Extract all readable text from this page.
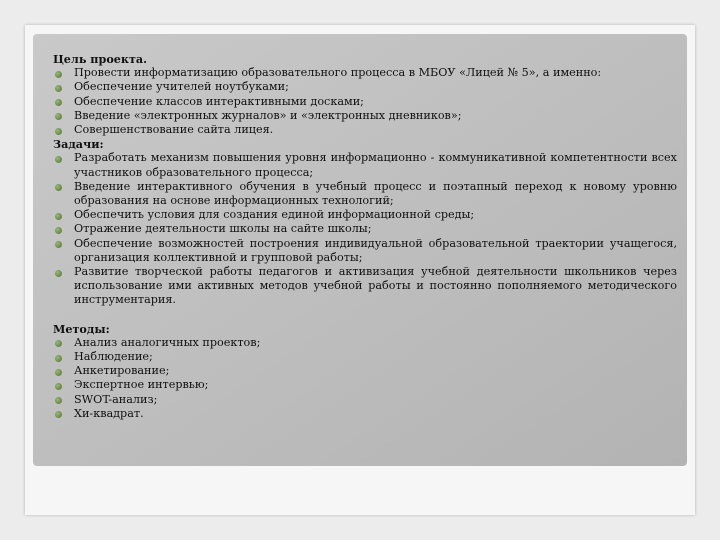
Цель проекта.
Провести информатизацию образовательного процесса в МБОУ «Лицей № 5», а именно:
Обеспечение учителей ноутбуками;
Обеспечение классов интерактивными досками;
Введение «электронных журналов» и «электронных дневников»;
Совершенствование сайта лицея.
Задачи:
Разработать механизм повышения уровня информационно - коммуникативной компетентности всех участников образовательного процесса;
Введение интерактивного обучения в учебный процесс и поэтапный переход к новому уровню образования на основе информационных технологий;
Обеспечить условия для создания единой информационной среды;
Отражение деятельности школы на сайте школы;
Обеспечение возможностей построения индивидуальной образовательной траектории учащегося, организация коллективной и групповой работы;
Развитие творческой работы педагогов и активизация учебной деятельности школьников через использование ими активных методов учебной работы и постоянно пополняемого методического инструментария.
Методы:
Анализ аналогичных проектов;
Наблюдение;
Анкетирование;
Экспертное интервью;
SWOT-анализ;
Хи-квадрат.
